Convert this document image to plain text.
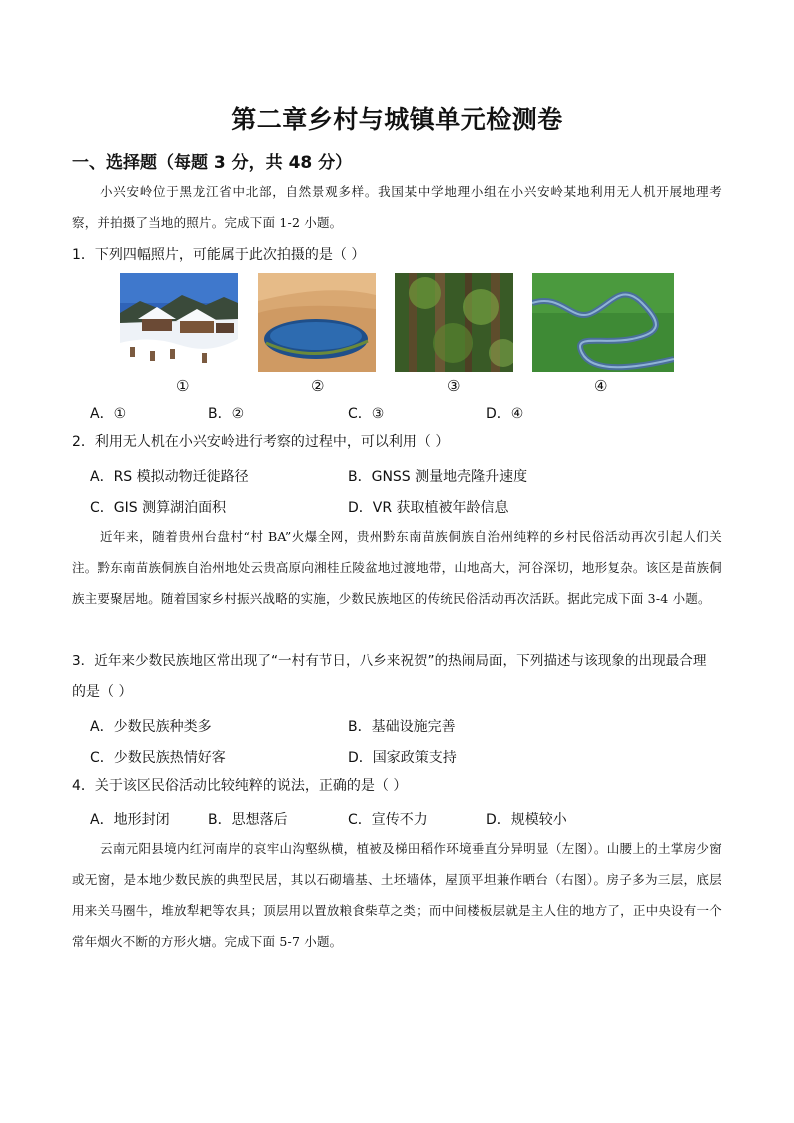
第二章乡村与城镇单元检测卷
一、选择题（每题 3 分，共 48 分）
小兴安岭位于黑龙江省中北部，自然景观多样。我国某中学地理小组在小兴安岭某地利用无人机开展地理考察，并拍摄了当地的照片。完成下面 1-2 小题。
1．下列四幅照片，可能属于此次拍摄的是（ ）
①	②	③	④
A．①	B．②	C．③	D．④
2．利用无人机在小兴安岭进行考察的过程中，可以利用（ ）
A．RS 模拟动物迁徙路径	B．GNSS 测量地壳隆升速度
C．GIS 测算湖泊面积	D．VR 获取植被年龄信息
近年来，随着贵州台盘村“村 BA”火爆全网，贵州黔东南苗族侗族自治州纯粹的乡村民俗活动再次引起人们关注。黔东南苗族侗族自治州地处云贵高原向湘桂丘陵盆地过渡地带，山地高大，河谷深切，地形复杂。该区是苗族侗族主要聚居地。随着国家乡村振兴战略的实施，少数民族地区的传统民俗活动再次活跃。据此完成下面 3-4 小题。
3．近年来少数民族地区常出现了“一村有节日，八乡来祝贺”的热闹局面，下列描述与该现象的出现最合理
的是（ ）
A．少数民族种类多	B．基础设施完善
C．少数民族热情好客	D．国家政策支持
4．关于该区民俗活动比较纯粹的说法，正确的是（ ）
A．地形封闭	B．思想落后	C．宣传不力	D．规模较小
云南元阳县境内红河南岸的哀牢山沟壑纵横，植被及梯田稻作环境垂直分异明显（左图）。山腰上的土掌房少窗或无窗，是本地少数民族的典型民居，其以石砌墙基、土坯墙体，屋顶平坦兼作晒台（右图）。房子多为三层，底层用来关马圈牛，堆放犁耙等农具；顶层用以置放粮食柴草之类；而中间楼板层就是主人住的地方了，正中央设有一个常年烟火不断的方形火塘。完成下面 5-7 小题。
